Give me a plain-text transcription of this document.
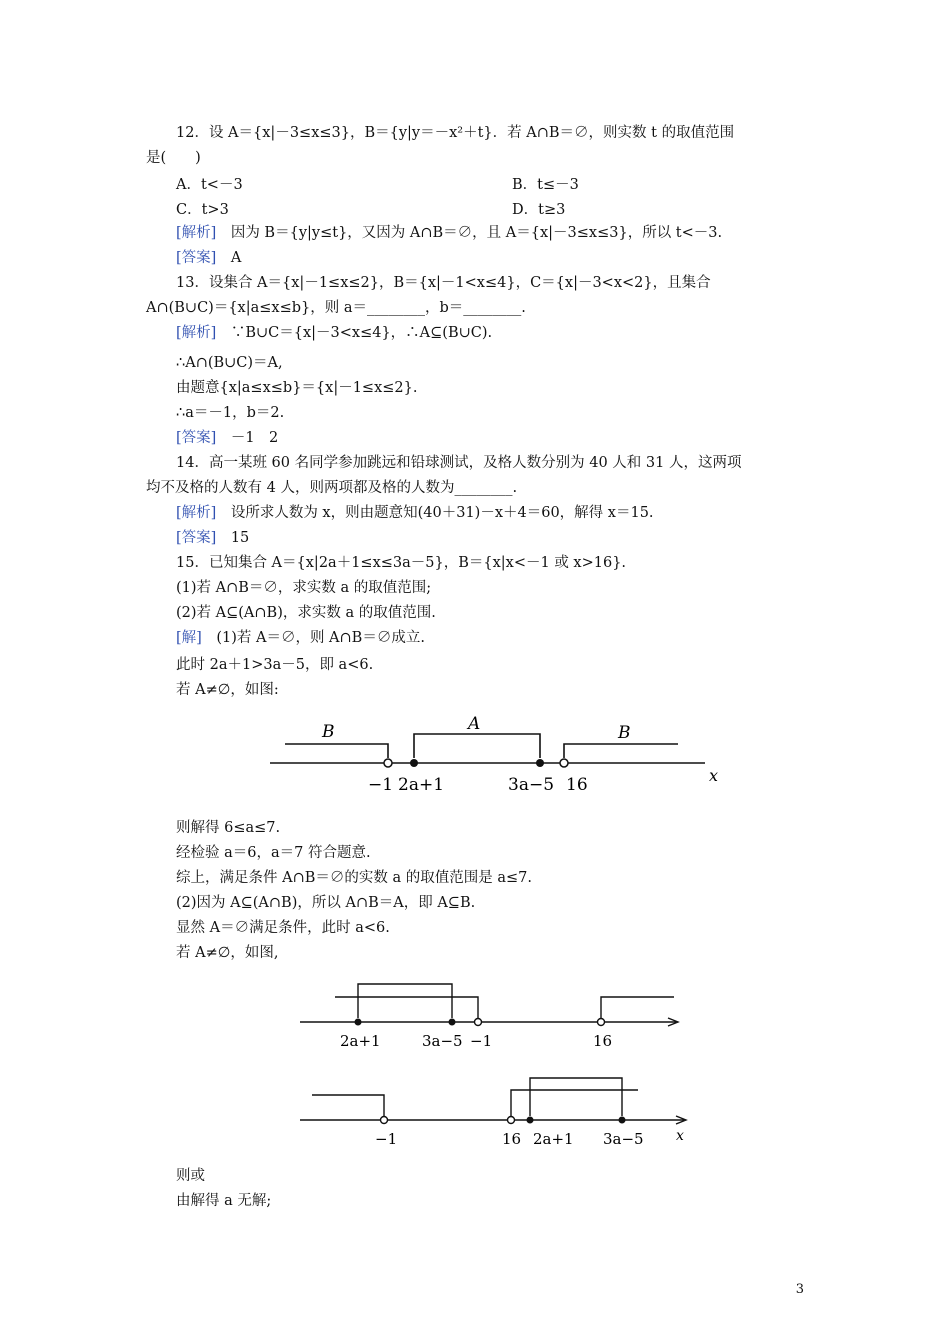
12．设 A＝{x|－3≤x≤3}，B＝{y|y＝－x²＋t}．若 A∩B＝∅，则实数 t 的取值范围
是(　　)
A．t<－3	B．t≤－3
C．t>3	D．t≥3
[解析]  因为 B＝{y|y≤t}，又因为 A∩B＝∅，且 A＝{x|－3≤x≤3}，所以 t<－3.
[答案]  A
13．设集合 A＝{x|－1≤x≤2}，B＝{x|－1<x≤4}，C＝{x|－3<x<2}，且集合
A∩(B∪C)＝{x|a≤x≤b}，则 a＝________，b＝________.
[解析]  ∵B∪C＝{x|－3<x≤4}，∴A⊆(B∪C).
∴A∩(B∪C)＝A,
由题意{x|a≤x≤b}＝{x|－1≤x≤2}.
∴a＝－1，b＝2.
[答案]  －1　2
14．高一某班 60 名同学参加跳远和铅球测试，及格人数分别为 40 人和 31 人，这两项
均不及格的人数有 4 人，则两项都及格的人数为________.
[解析]  设所求人数为 x，则由题意知(40＋31)－x＋4＝60，解得 x＝15.
[答案]  15
15．已知集合 A＝{x|2a＋1≤x≤3a－5}，B＝{x|x<－1 或 x>16}.
(1)若 A∩B＝∅，求实数 a 的取值范围;
(2)若 A⊆(A∩B)，求实数 a 的取值范围.
[解]  (1)若 A＝∅，则 A∩B＝∅成立.
此时 2a＋1>3a－5，即 a<6.
若 A≠∅，如图:
B	A	B
−1 2a+1	3a−5 16	x
则解得 6≤a≤7.
经检验 a＝6，a＝7 符合题意.
综上，满足条件 A∩B＝∅的实数 a 的取值范围是 a≤7.
(2)因为 A⊆(A∩B)，所以 A∩B＝A，即 A⊆B.
显然 A＝∅满足条件，此时 a<6.
若 A≠∅，如图,
2a+1	3a−5 −1	16
−1	16 2a+1 3a−5 x
则或
由解得 a 无解;
3
